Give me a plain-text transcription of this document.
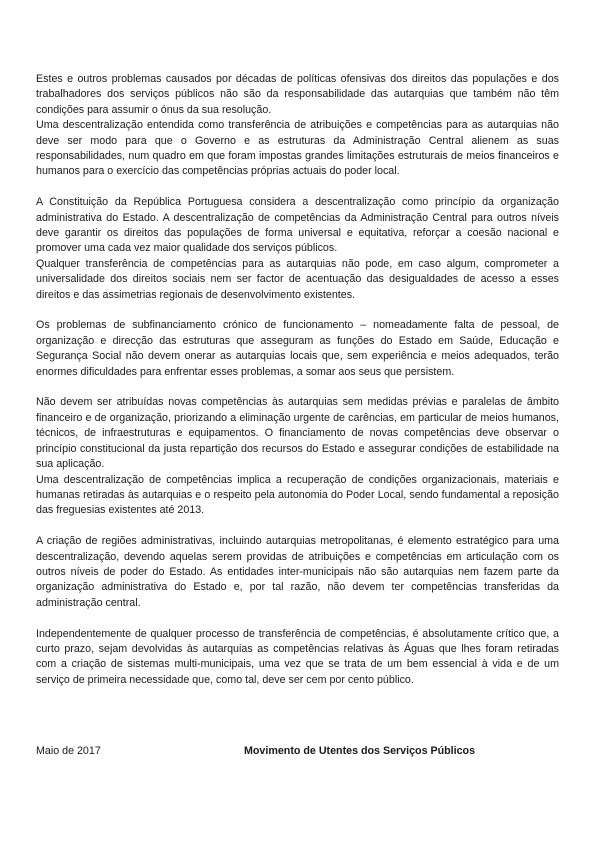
Estes e outros problemas causados por décadas de políticas ofensivas dos direitos das populações e dos trabalhadores dos serviços públicos não são da responsabilidade das autarquias que também não têm condições para assumir o ónus da sua resolução.

Uma descentralização entendida como transferência de atribuições e competências para as autarquias não deve ser modo para que o Governo e as estruturas da Administração Central alienem as suas responsabilidades, num quadro em que foram impostas grandes limitações estruturais de meios financeiros e humanos para o exercício das competências próprias actuais do poder local.

A Constituição da República Portuguesa considera a descentralização como princípio da organização administrativa do Estado. A descentralização de competências da Administração Central para outros níveis deve garantir os direitos das populações de forma universal e equitativa, reforçar a coesão nacional e promover uma cada vez maior qualidade dos serviços públicos.

Qualquer transferência de competências para as autarquias não pode, em caso algum, comprometer a universalidade dos direitos sociais nem ser factor de acentuação das desigualdades de acesso a esses direitos e das assimetrias regionais de desenvolvimento existentes.

Os problemas de subfinanciamento crónico de funcionamento – nomeadamente falta de pessoal, de organização e direcção das estruturas que asseguram as funções do Estado em Saúde, Educação e Segurança Social não devem onerar as autarquias locais que, sem experiência e meios adequados, terão enormes dificuldades para enfrentar esses problemas, a somar aos seus que persistem.

Não devem ser atribuídas novas competências às autarquias sem medidas prévias e paralelas de âmbito financeiro e de organização, priorizando a eliminação urgente de carências, em particular de meios humanos, técnicos, de infraestruturas e equipamentos. O financiamento de novas competências deve observar o princípio constitucional da justa repartição dos recursos do Estado e assegurar condições de estabilidade na sua aplicação.

Uma descentralização de competências implica a recuperação de condições organizacionais, materiais e humanas retiradas às autarquias e o respeito pela autonomia do Poder Local, sendo fundamental a reposição das freguesias existentes até 2013.

A criação de regiões administrativas, incluindo autarquias metropolitanas, é elemento estratégico para uma descentralização, devendo aquelas serem providas de atribuições e competências em articulação com os outros níveis de poder do Estado. As entidades inter-municipais não são autarquias nem fazem parte da organização administrativa do Estado e, por tal razão, não devem ter competências transferidas da administração central.

Independentemente de qualquer processo de transferência de competências, é absolutamente crítico que, a curto prazo, sejam devolvidas às autarquias as competências relativas às Águas que lhes foram retiradas com a criação de sistemas multi-municipais, uma vez que se trata de um bem essencial à vida e de um serviço de primeira necessidade que, como tal, deve ser cem por cento público.

Maio de 2017	Movimento de Utentes dos Serviços Públicos
